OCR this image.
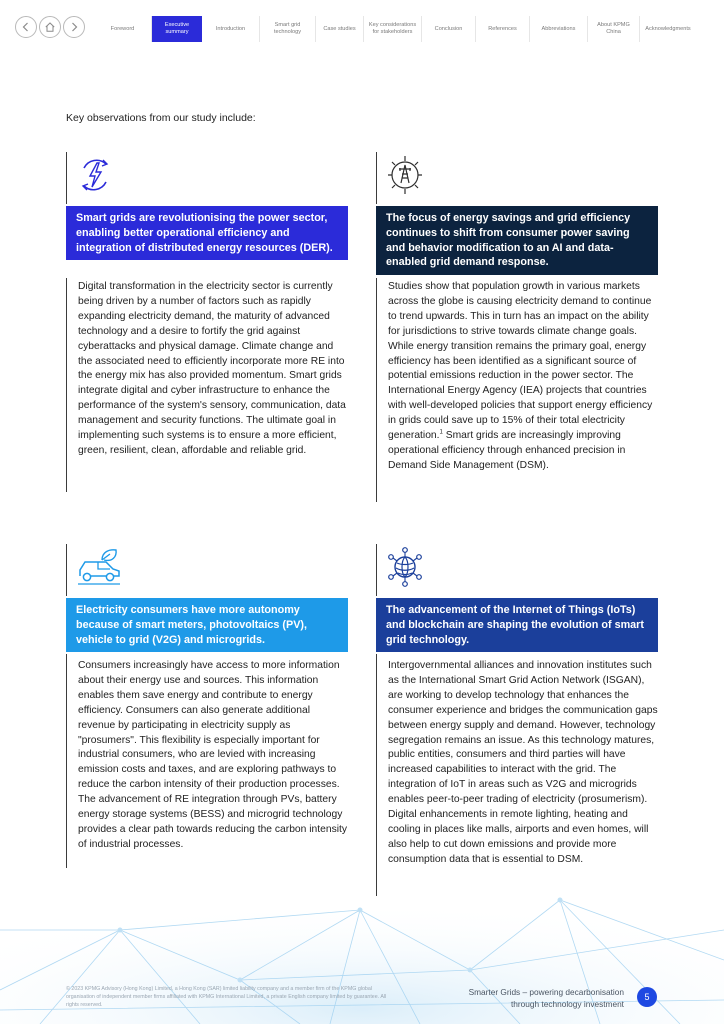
Foreword
Executive summary
Introduction
Smart grid technology
Case studies
Key considerations for stakeholders
Conclusion	References	Abbreviations
About KPMG China
Acknowledgments
Key observations from our study include:
Smart grids are revolutionising the power sector, enabling better operational efficiency and integration of distributed energy resources (DER).
Digital transformation in the electricity sector is currently being driven by a number of factors such as rapidly expanding electricity demand, the maturity of advanced technology and a desire to fortify the grid against cyberattacks and physical damage. Climate change and the associated need to efficiently incorporate more RE into the energy mix has also provided momentum. Smart grids integrate digital and cyber infrastructure to enhance the performance of the system's sensory, communication, data management and security functions. The ultimate goal in implementing such systems is to ensure a more efficient, green, resilient, clean, affordable and reliable grid.
The focus of energy savings and grid efficiency continues to shift from consumer power saving and behavior modification to an AI and data-enabled grid demand response.
Studies show that population growth in various markets across the globe is causing electricity demand to continue to trend upwards. This in turn has an impact on the ability for jurisdictions to strive towards climate change goals. While energy transition remains the primary goal, energy efficiency has been identified as a significant source of potential emissions reduction in the power sector. The International Energy Agency (IEA) projects that countries with well-developed policies that support energy efficiency in grids could save up to 15% of their total electricity generation.$^1$ Smart grids are increasingly improving operational efficiency through enhanced precision in Demand Side Management (DSM).
Electricity consumers have more autonomy because of smart meters, photovoltaics (PV), vehicle to grid (V2G) and microgrids.
Consumers increasingly have access to more information about their energy use and sources. This information enables them save energy and contribute to energy efficiency. Consumers can also generate additional revenue by participating in electricity supply as "prosumers". This flexibility is especially important for industrial consumers, who are levied with increasing emission costs and taxes, and are exploring pathways to reduce the carbon intensity of their production processes. The advancement of RE integration through PVs, battery energy storage systems (BESS) and microgrid technology provides a clear path towards reducing the carbon intensity of industrial processes.
The advancement of the Internet of Things (IoTs) and blockchain are shaping the evolution of smart grid technology.
Intergovernmental alliances and innovation institutes such as the International Smart Grid Action Network (ISGAN), are working to develop technology that enhances the consumer experience and bridges the communication gaps between energy supply and demand. However, technology segregation remains an issue. As this technology matures, public entities, consumers and third parties will have increased capabilities to interact with the grid. The integration of IoT in areas such as V2G and microgrids enables peer-to-peer trading of electricity (prosumerism). Digital enhancements in remote lighting, heating and cooling in places like malls, airports and even homes, will also help to cut down emissions and provide more consumption data that is essential to DSM.
© 2023 KPMG Advisory (Hong Kong) Limited, a Hong Kong (SAR) limited liability company and a member firm of the KPMG global organisation of independent member firms affiliated with KPMG International Limited, a private English company limited by guarantee. All rights reserved.
Smarter Grids – powering decarbonisation
through technology investment
5
